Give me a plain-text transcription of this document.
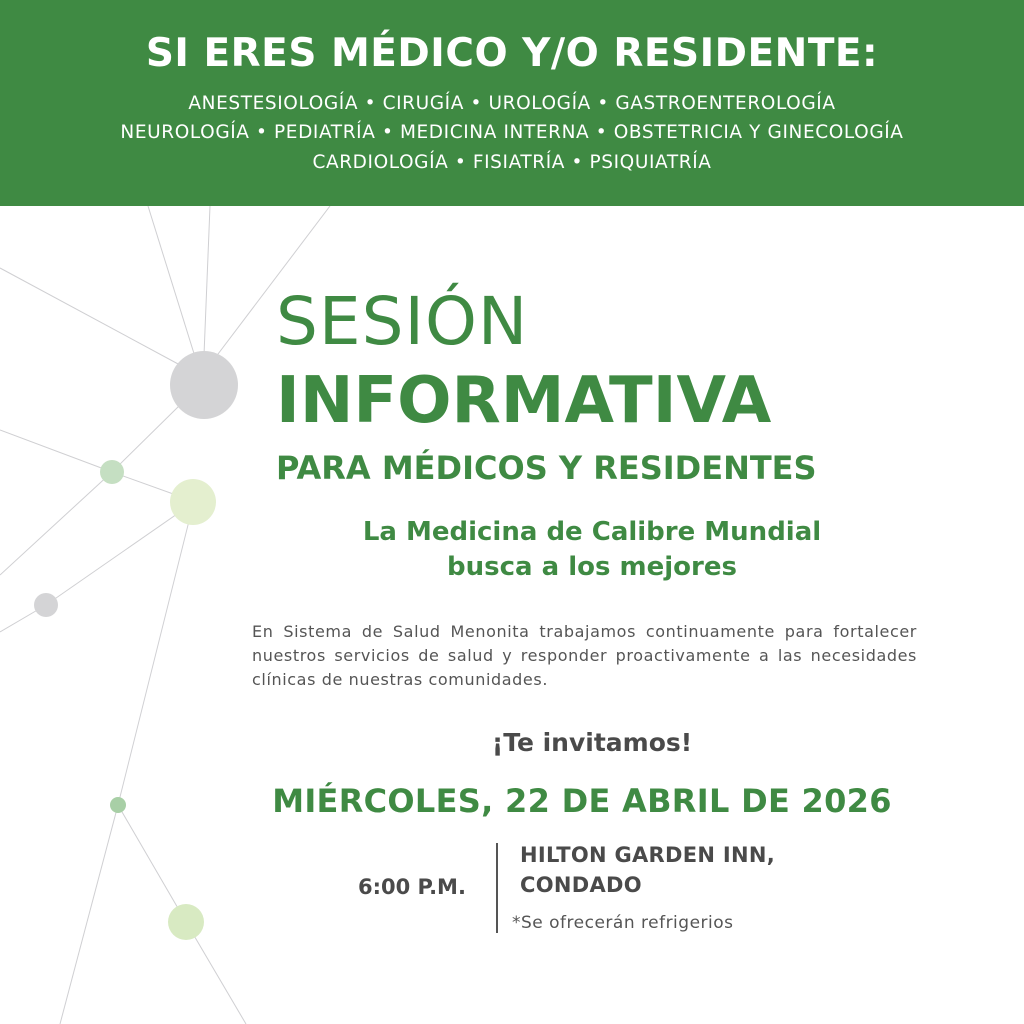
SI ERES MÉDICO Y/O RESIDENTE:
ANESTESIOLOGÍA • CIRUGÍA • UROLOGÍA • GASTROENTEROLOGÍA
NEUROLOGÍA • PEDIATRÍA • MEDICINA INTERNA • OBSTETRICIA Y GINECOLOGÍA
CARDIOLOGÍA • FISIATRÍA • PSIQUIATRÍA
SESIÓN
INFORMATIVA
PARA MÉDICOS Y RESIDENTES
La Medicina de Calibre Mundial
busca a los mejores
En Sistema de Salud Menonita trabajamos continuamente para fortalecer nuestros servicios de salud y responder proactivamente a las necesidades clínicas de nuestras comunidades.
¡Te invitamos!
MIÉRCOLES, 22 DE ABRIL DE 2026
6:00 P.M.
HILTON GARDEN INN,
CONDADO
*Se ofrecerán refrigerios
